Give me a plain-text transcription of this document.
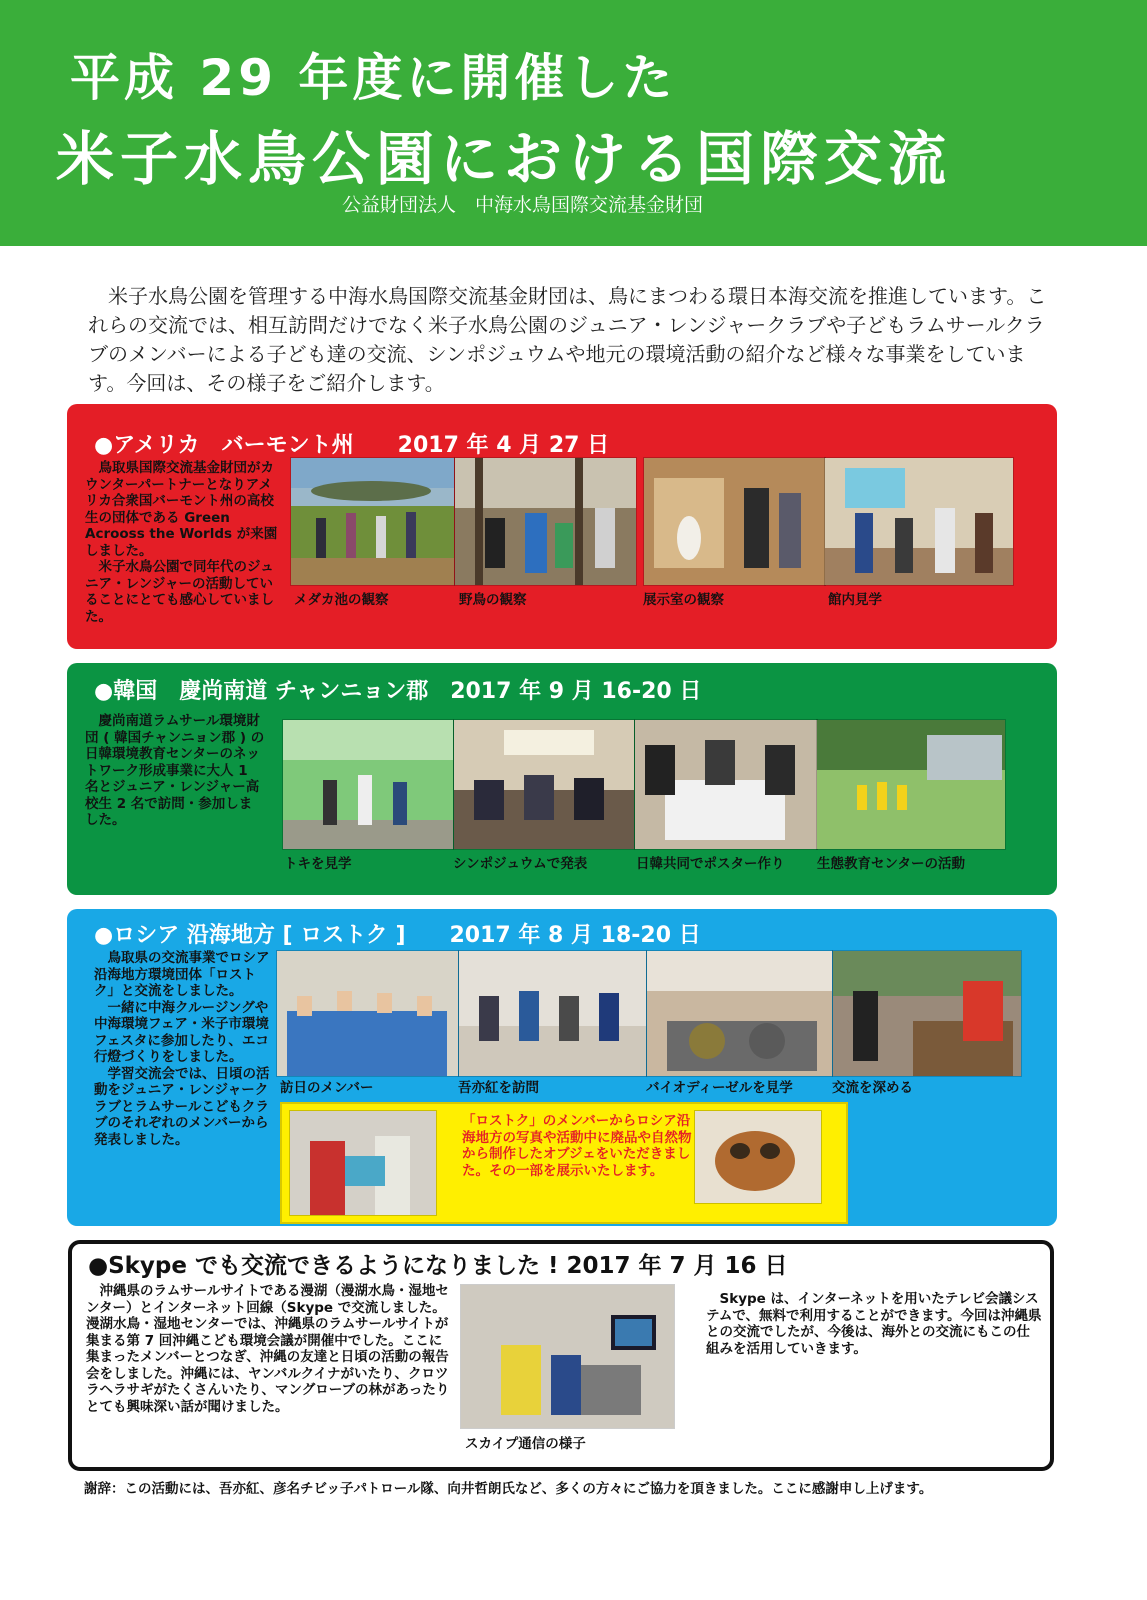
平成 29 年度に開催した
米子水鳥公園における国際交流
公益財団法人　中海水鳥国際交流基金財団
米子水鳥公園を管理する中海水鳥国際交流基金財団は、鳥にまつわる環日本海交流を推進しています。これらの交流では、相互訪問だけでなく米子水鳥公園のジュニア・レンジャークラブや子どもラムサールクラブのメンバーによる子ども達の交流、シンポジュウムや地元の環境活動の紹介など様々な事業をしています。今回は、その様子をご紹介します。
●アメリカ　バーモント州　　2017 年 4 月 27 日

鳥取県国際交流基金財団がカウンターパートナーとなりアメリカ合衆国バーモント州の高校生の団体である Green Acrooss the Worlds が来園しました。

米子水鳥公園で同年代のジュニア・レンジャーの活動していることにとても感心していました。

メダカ池の観察	野鳥の観察	展示室の観察	館内見学
●韓国　慶尚南道 チャンニョン郡　2017 年 9 月 16-20 日

慶尚南道ラムサール環境財団 ( 韓国チャンニョン郡 ) の日韓環境教育センターのネットワーク形成事業に大人 1 名とジュニア・レンジャー高校生 2 名で訪問・参加しました。

トキを見学	シンポジュウムで発表	日韓共同でポスター作り 生態教育センターの活動
●ロシア 沿海地方 [ ロストク ]　　2017 年 8 月 18-20 日

鳥取県の交流事業でロシア沿海地方環境団体「ロストク」と交流をしました。

一緒に中海クルージングや中海環境フェア・米子市環境フェスタに参加したり、エコ行燈づくりをしました。

学習交流会では、日頃の活動をジュニア・レンジャークラブとラムサールこどもクラブのそれぞれのメンバーから発表しました。

訪日のメンバー	吾亦紅を訪問	バイオディーゼルを見学	交流を深める
「ロストク」のメンバーからロシア沿海地方の写真や活動中に廃品や自然物から制作したオブジェをいただきました。その一部を展示いたします。
●Skype でも交流できるようになりました ! 2017 年 7 月 16 日

沖縄県のラムサールサイトである漫湖（漫湖水鳥・湿地センター）とインターネット回線（Skype で交流しました。漫湖水鳥・湿地センターでは、沖縄県のラムサールサイトが集まる第 7 回沖縄こども環境会議が開催中でした。ここに集まったメンバーとつなぎ、沖縄の友達と日頃の活動の報告会をしました。沖縄には、ヤンバルクイナがいたり、クロツラヘラサギがたくさんいたり、マングローブの林があったりとても興味深い話が聞けました。

スカイプ通信の様子

Skype は、インターネットを用いたテレビ会議システムで、無料で利用することができます。今回は沖縄県との交流でしたが、今後は、海外との交流にもこの仕組みを活用していきます。

謝辞：この活動には、吾亦紅、彦名チビッ子パトロール隊、向井哲朗氏など、多くの方々にご協力を頂きました。ここに感謝申し上げます。
